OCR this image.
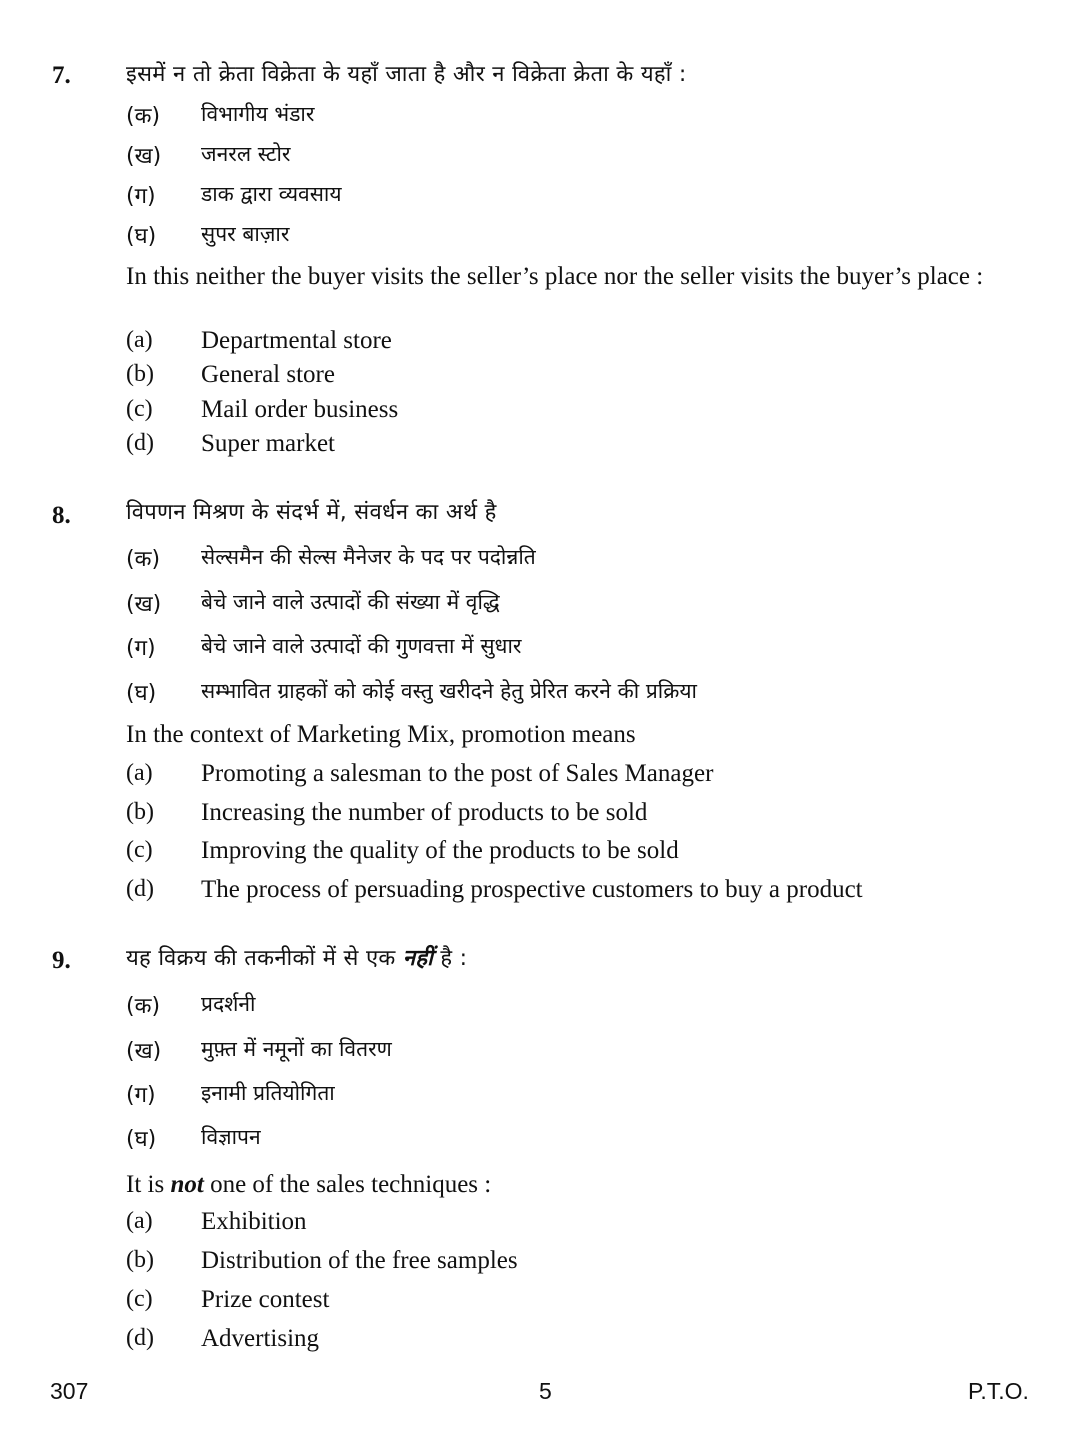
7.	इसमें न तो क्रेता विक्रेता के यहाँ जाता है और न विक्रेता क्रेता के यहाँ :
(क) विभागीय भंडार
(ख) जनरल स्टोर
(ग) डाक द्वारा व्यवसाय
(घ) सुपर बाज़ार
In this neither the buyer visits the seller’s place nor the seller visits the buyer’s place :
(a) Departmental store
(b) General store
(c) Mail order business
(d) Super market
8.	विपणन मिश्रण के संदर्भ में, संवर्धन का अर्थ है
(क) सेल्समैन की सेल्स मैनेजर के पद पर पदोन्नति
(ख) बेचे जाने वाले उत्पादों की संख्या में वृद्धि
(ग) बेचे जाने वाले उत्पादों की गुणवत्ता में सुधार
(घ) सम्भावित ग्राहकों को कोई वस्तु खरीदने हेतु प्रेरित करने की प्रक्रिया
In the context of Marketing Mix, promotion means
(a) Promoting a salesman to the post of Sales Manager
(b) Increasing the number of products to be sold
(c) Improving the quality of the products to be sold
(d) The process of persuading prospective customers to buy a product
9.	यह विक्रय की तकनीकों में से एक नहीं है :
(क) प्रदर्शनी
(ख) मुफ़्त में नमूनों का वितरण
(ग) इनामी प्रतियोगिता
(घ) विज्ञापन
It is not one of the sales techniques :
(a) Exhibition
(b) Distribution of the free samples
(c) Prize contest
(d) Advertising
307	5	P.T.O.
